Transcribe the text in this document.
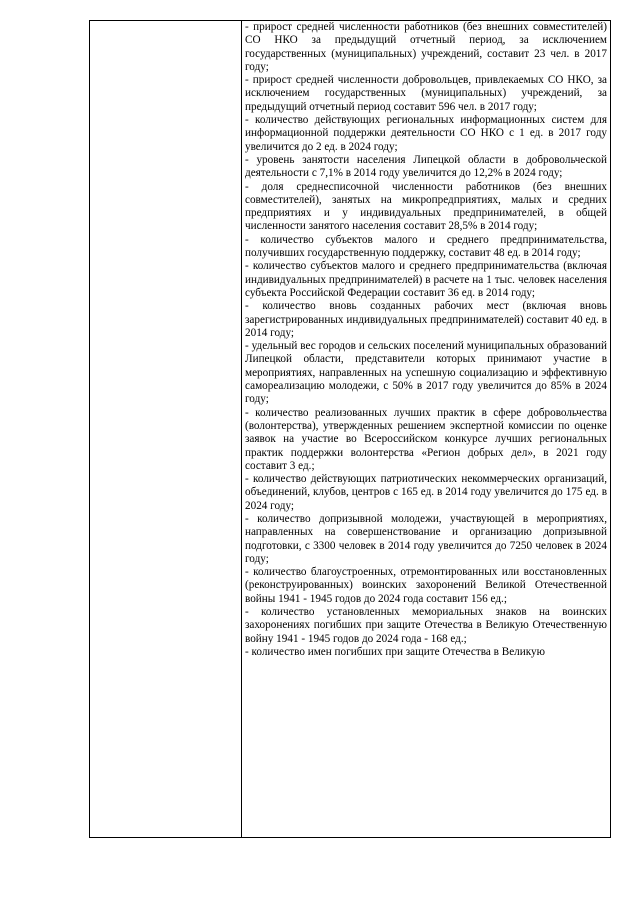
- прирост средней численности работников (без внешних совместителей) СО НКО за предыдущий отчетный период, за исключением государственных (муниципальных) учреждений, составит 23 чел. в 2017 году;

- прирост средней численности добровольцев, привлекаемых СО НКО, за исключением государственных (муниципальных) учреждений, за предыдущий отчетный период составит 596 чел. в 2017 году;

- количество действующих региональных информационных систем для информационной поддержки деятельности СО НКО с 1 ед. в 2017 году увеличится до 2 ед. в 2024 году;

- уровень занятости населения Липецкой области в добровольческой деятельности с 7,1% в 2014 году увеличится до 12,2% в 2024 году;

- доля среднесписочной численности работников (без внешних совместителей), занятых на микропредприятиях, малых и средних предприятиях и у индивидуальных предпринимателей, в общей численности занятого населения составит 28,5% в 2014 году;

- количество субъектов малого и среднего предпринимательства, получивших государственную поддержку, составит 48 ед. в 2014 году;

- количество субъектов малого и среднего предпринимательства (включая индивидуальных предпринимателей) в расчете на 1 тыс. человек населения субъекта Российской Федерации составит 36 ед. в 2014 году;

- количество вновь созданных рабочих мест (включая вновь зарегистрированных индивидуальных предпринимателей) составит 40 ед. в 2014 году;

- удельный вес городов и сельских поселений муниципальных образований Липецкой области, представители которых принимают участие в мероприятиях, направленных на успешную социализацию и эффективную самореализацию молодежи, с 50% в 2017 году увеличится до 85% в 2024 году;

- количество реализованных лучших практик в сфере добровольчества (волонтерства), утвержденных решением экспертной комиссии по оценке заявок на участие во Всероссийском конкурсе лучших региональных практик поддержки волонтерства «Регион добрых дел», в 2021 году составит 3 ед.;

- количество действующих патриотических некоммерческих организаций, объединений, клубов, центров с 165 ед. в 2014 году увеличится до 175 ед. в 2024 году;

- количество допризывной молодежи, участвующей в мероприятиях, направленных на совершенствование и организацию допризывной подготовки, с 3300 человек в 2014 году увеличится до 7250 человек в 2024 году;

- количество благоустроенных, отремонтированных или восстановленных (реконструированных) воинских захоронений Великой Отечественной войны 1941 - 1945 годов до 2024 года составит 156 ед.;

- количество установленных мемориальных знаков на воинских захоронениях погибших при защите Отечества в Великую Отечественную войну 1941 - 1945 годов до 2024 года - 168 ед.;

- количество имен погибших при защите Отечества в Великую
